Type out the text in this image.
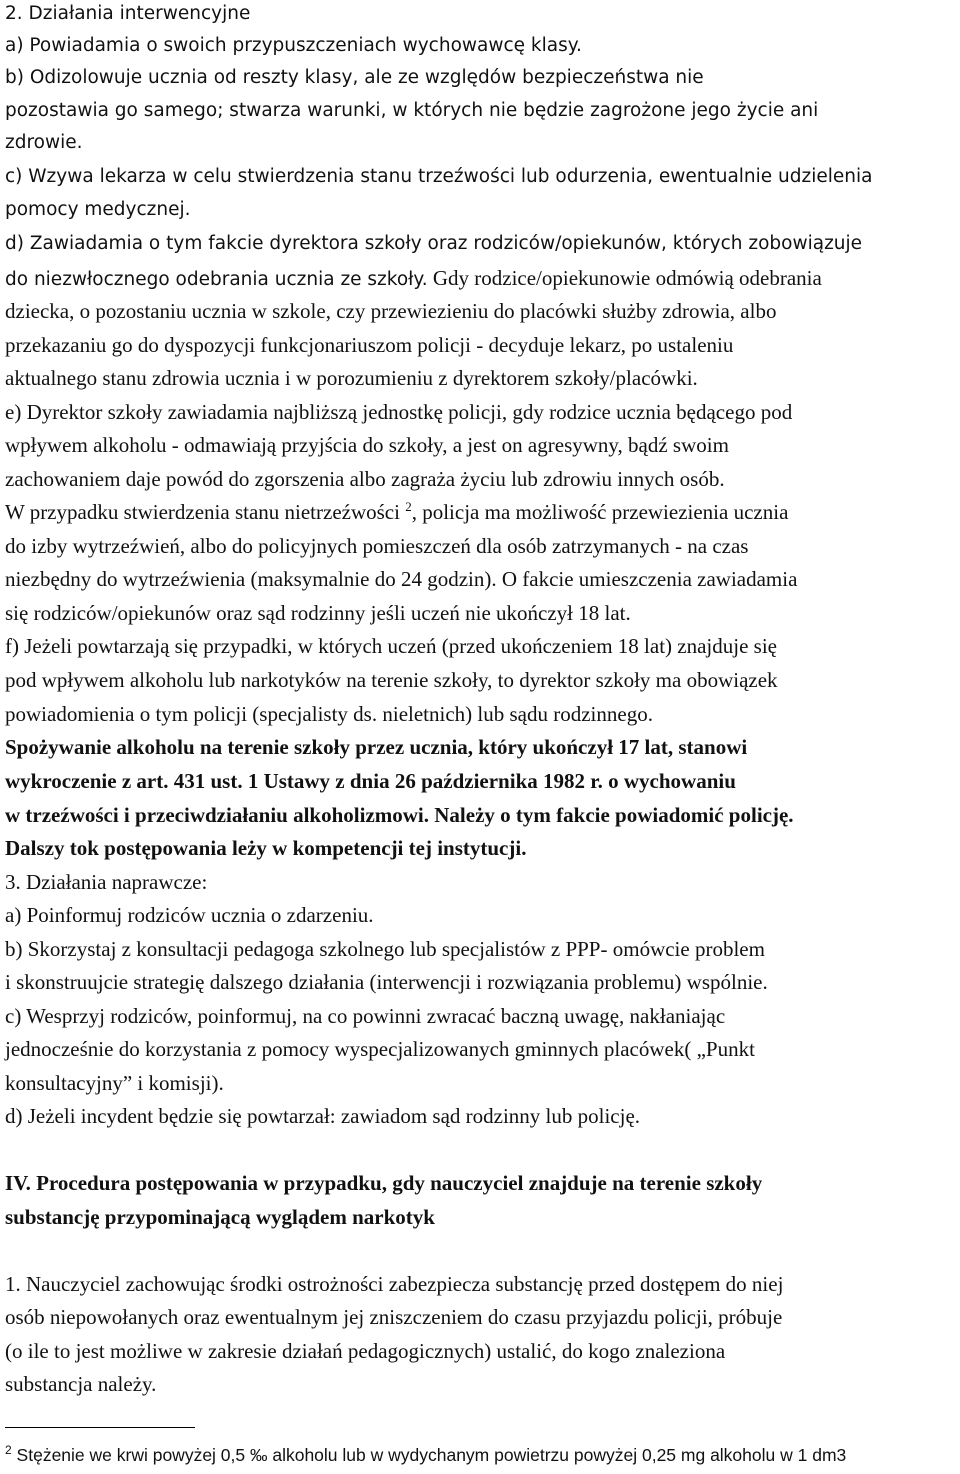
2. Działania interwencyjne
a) Powiadamia o swoich przypuszczeniach wychowawcę klasy.
b) Odizolowuje ucznia od reszty klasy, ale ze względów bezpieczeństwa nie
pozostawia go samego; stwarza warunki, w których nie będzie zagrożone jego życie ani
zdrowie.
c) Wzywa lekarza w celu stwierdzenia stanu trzeźwości lub odurzenia, ewentualnie udzielenia
pomocy medycznej.
d) Zawiadamia o tym fakcie dyrektora szkoły oraz rodziców/opiekunów, których zobowiązuje
do niezwłocznego odebrania ucznia ze szkoły. Gdy rodzice/opiekunowie odmówią odebrania
dziecka, o pozostaniu ucznia w szkole, czy przewiezieniu do placówki służby zdrowia, albo
przekazaniu go do dyspozycji funkcjonariuszom policji - decyduje lekarz, po ustaleniu
aktualnego stanu zdrowia ucznia i w porozumieniu z dyrektorem szkoły/placówki.
e) Dyrektor szkoły zawiadamia najbliższą jednostkę policji, gdy rodzice ucznia będącego pod
wpływem alkoholu - odmawiają przyjścia do szkoły, a jest on agresywny, bądź swoim
zachowaniem daje powód do zgorszenia albo zagraża życiu lub zdrowiu innych osób.
W przypadku stwierdzenia stanu nietrzeźwości $^2$, policja ma możliwość przewiezienia ucznia
do izby wytrzeźwień, albo do policyjnych pomieszczeń dla osób zatrzymanych - na czas
niezbędny do wytrzeźwienia (maksymalnie do 24 godzin). O fakcie umieszczenia zawiadamia
się rodziców/opiekunów oraz sąd rodzinny jeśli uczeń nie ukończył 18 lat.
f) Jeżeli powtarzają się przypadki, w których uczeń (przed ukończeniem 18 lat) znajduje się
pod wpływem alkoholu lub narkotyków na terenie szkoły, to dyrektor szkoły ma obowiązek
powiadomienia o tym policji (specjalisty ds. nieletnich) lub sądu rodzinnego.
Spożywanie alkoholu na terenie szkoły przez ucznia, który ukończył 17 lat, stanowi
wykroczenie z art. 431 ust. 1 Ustawy z dnia 26 października 1982 r. o wychowaniu
w trzeźwości i przeciwdziałaniu alkoholizmowi. Należy o tym fakcie powiadomić policję.
Dalszy tok postępowania leży w kompetencji tej instytucji.
3. Działania naprawcze:
a) Poinformuj rodziców ucznia o zdarzeniu.
b) Skorzystaj z konsultacji pedagoga szkolnego lub specjalistów z PPP- omówcie problem
i skonstruujcie strategię dalszego działania (interwencji i rozwiązania problemu) wspólnie.
c) Wesprzyj rodziców, poinformuj, na co powinni zwracać baczną uwagę, nakłaniając
jednocześnie do korzystania z pomocy wyspecjalizowanych gminnych placówek( „Punkt
konsultacyjny” i komisji).
d) Jeżeli incydent będzie się powtarzał: zawiadom sąd rodzinny lub policję.
IV. Procedura postępowania w przypadku, gdy nauczyciel znajduje na terenie szkoły
substancję przypominającą wyglądem narkotyk
1. Nauczyciel zachowując środki ostrożności zabezpiecza substancję przed dostępem do niej
osób niepowołanych oraz ewentualnym jej zniszczeniem do czasu przyjazdu policji, próbuje
(o ile to jest możliwe w zakresie działań pedagogicznych) ustalić, do kogo znaleziona
substancja należy.
$^2$ Stężenie we krwi powyżej 0,5 ‰ alkoholu lub w wydychanym powietrzu powyżej 0,25 mg alkoholu w 1 dm3
